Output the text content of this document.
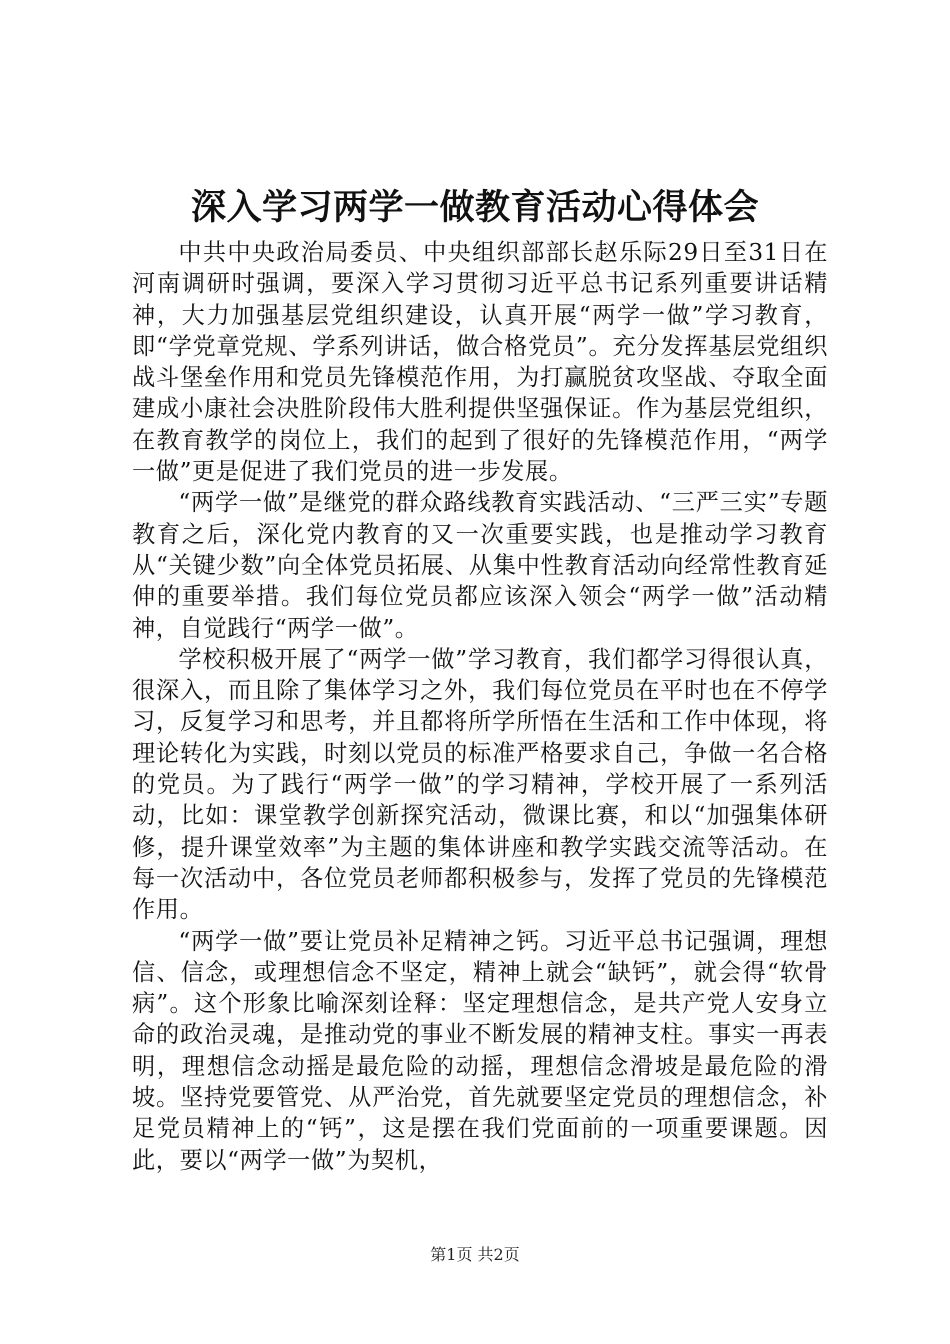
深入学习两学一做教育活动心得体会

中共中央政治局委员、中央组织部部长赵乐际29日至31日在河南调研时强调，要深入学习贯彻习近平总书记系列重要讲话精神，大力加强基层党组织建设，认真开展“两学一做”学习教育，即“学党章党规、学系列讲话，做合格党员”。充分发挥基层党组织战斗堡垒作用和党员先锋模范作用，为打赢脱贫攻坚战、夺取全面建成小康社会决胜阶段伟大胜利提供坚强保证。作为基层党组织，在教育教学的岗位上，我们的起到了很好的先锋模范作用，“两学一做”更是促进了我们党员的进一步发展。

“两学一做”是继党的群众路线教育实践活动、“三严三实”专题教育之后，深化党内教育的又一次重要实践，也是推动学习教育从“关键少数”向全体党员拓展、从集中性教育活动向经常性教育延伸的重要举措。我们每位党员都应该深入领会“两学一做”活动精神，自觉践行“两学一做”。

学校积极开展了“两学一做”学习教育，我们都学习得很认真，很深入，而且除了集体学习之外，我们每位党员在平时也在不停学习，反复学习和思考，并且都将所学所悟在生活和工作中体现，将理论转化为实践，时刻以党员的标准严格要求自己，争做一名合格的党员。为了践行“两学一做”的学习精神，学校开展了一系列活动，比如：课堂教学创新探究活动，微课比赛，和以“加强集体研修，提升课堂效率”为主题的集体讲座和教学实践交流等活动。在每一次活动中，各位党员老师都积极参与，发挥了党员的先锋模范作用。

“两学一做”要让党员补足精神之钙。习近平总书记强调，理想信、信念，或理想信念不坚定，精神上就会“缺钙”，就会得“软骨病”。这个形象比喻深刻诠释：坚定理想信念，是共产党人安身立命的政治灵魂，是推动党的事业不断发展的精神支柱。事实一再表明，理想信念动摇是最危险的动摇，理想信念滑坡是最危险的滑坡。坚持党要管党、从严治党，首先就要坚定党员的理想信念，补足党员精神上的“钙”，这是摆在我们党面前的一项重要课题。因此，要以“两学一做”为契机，

第1页 共2页
